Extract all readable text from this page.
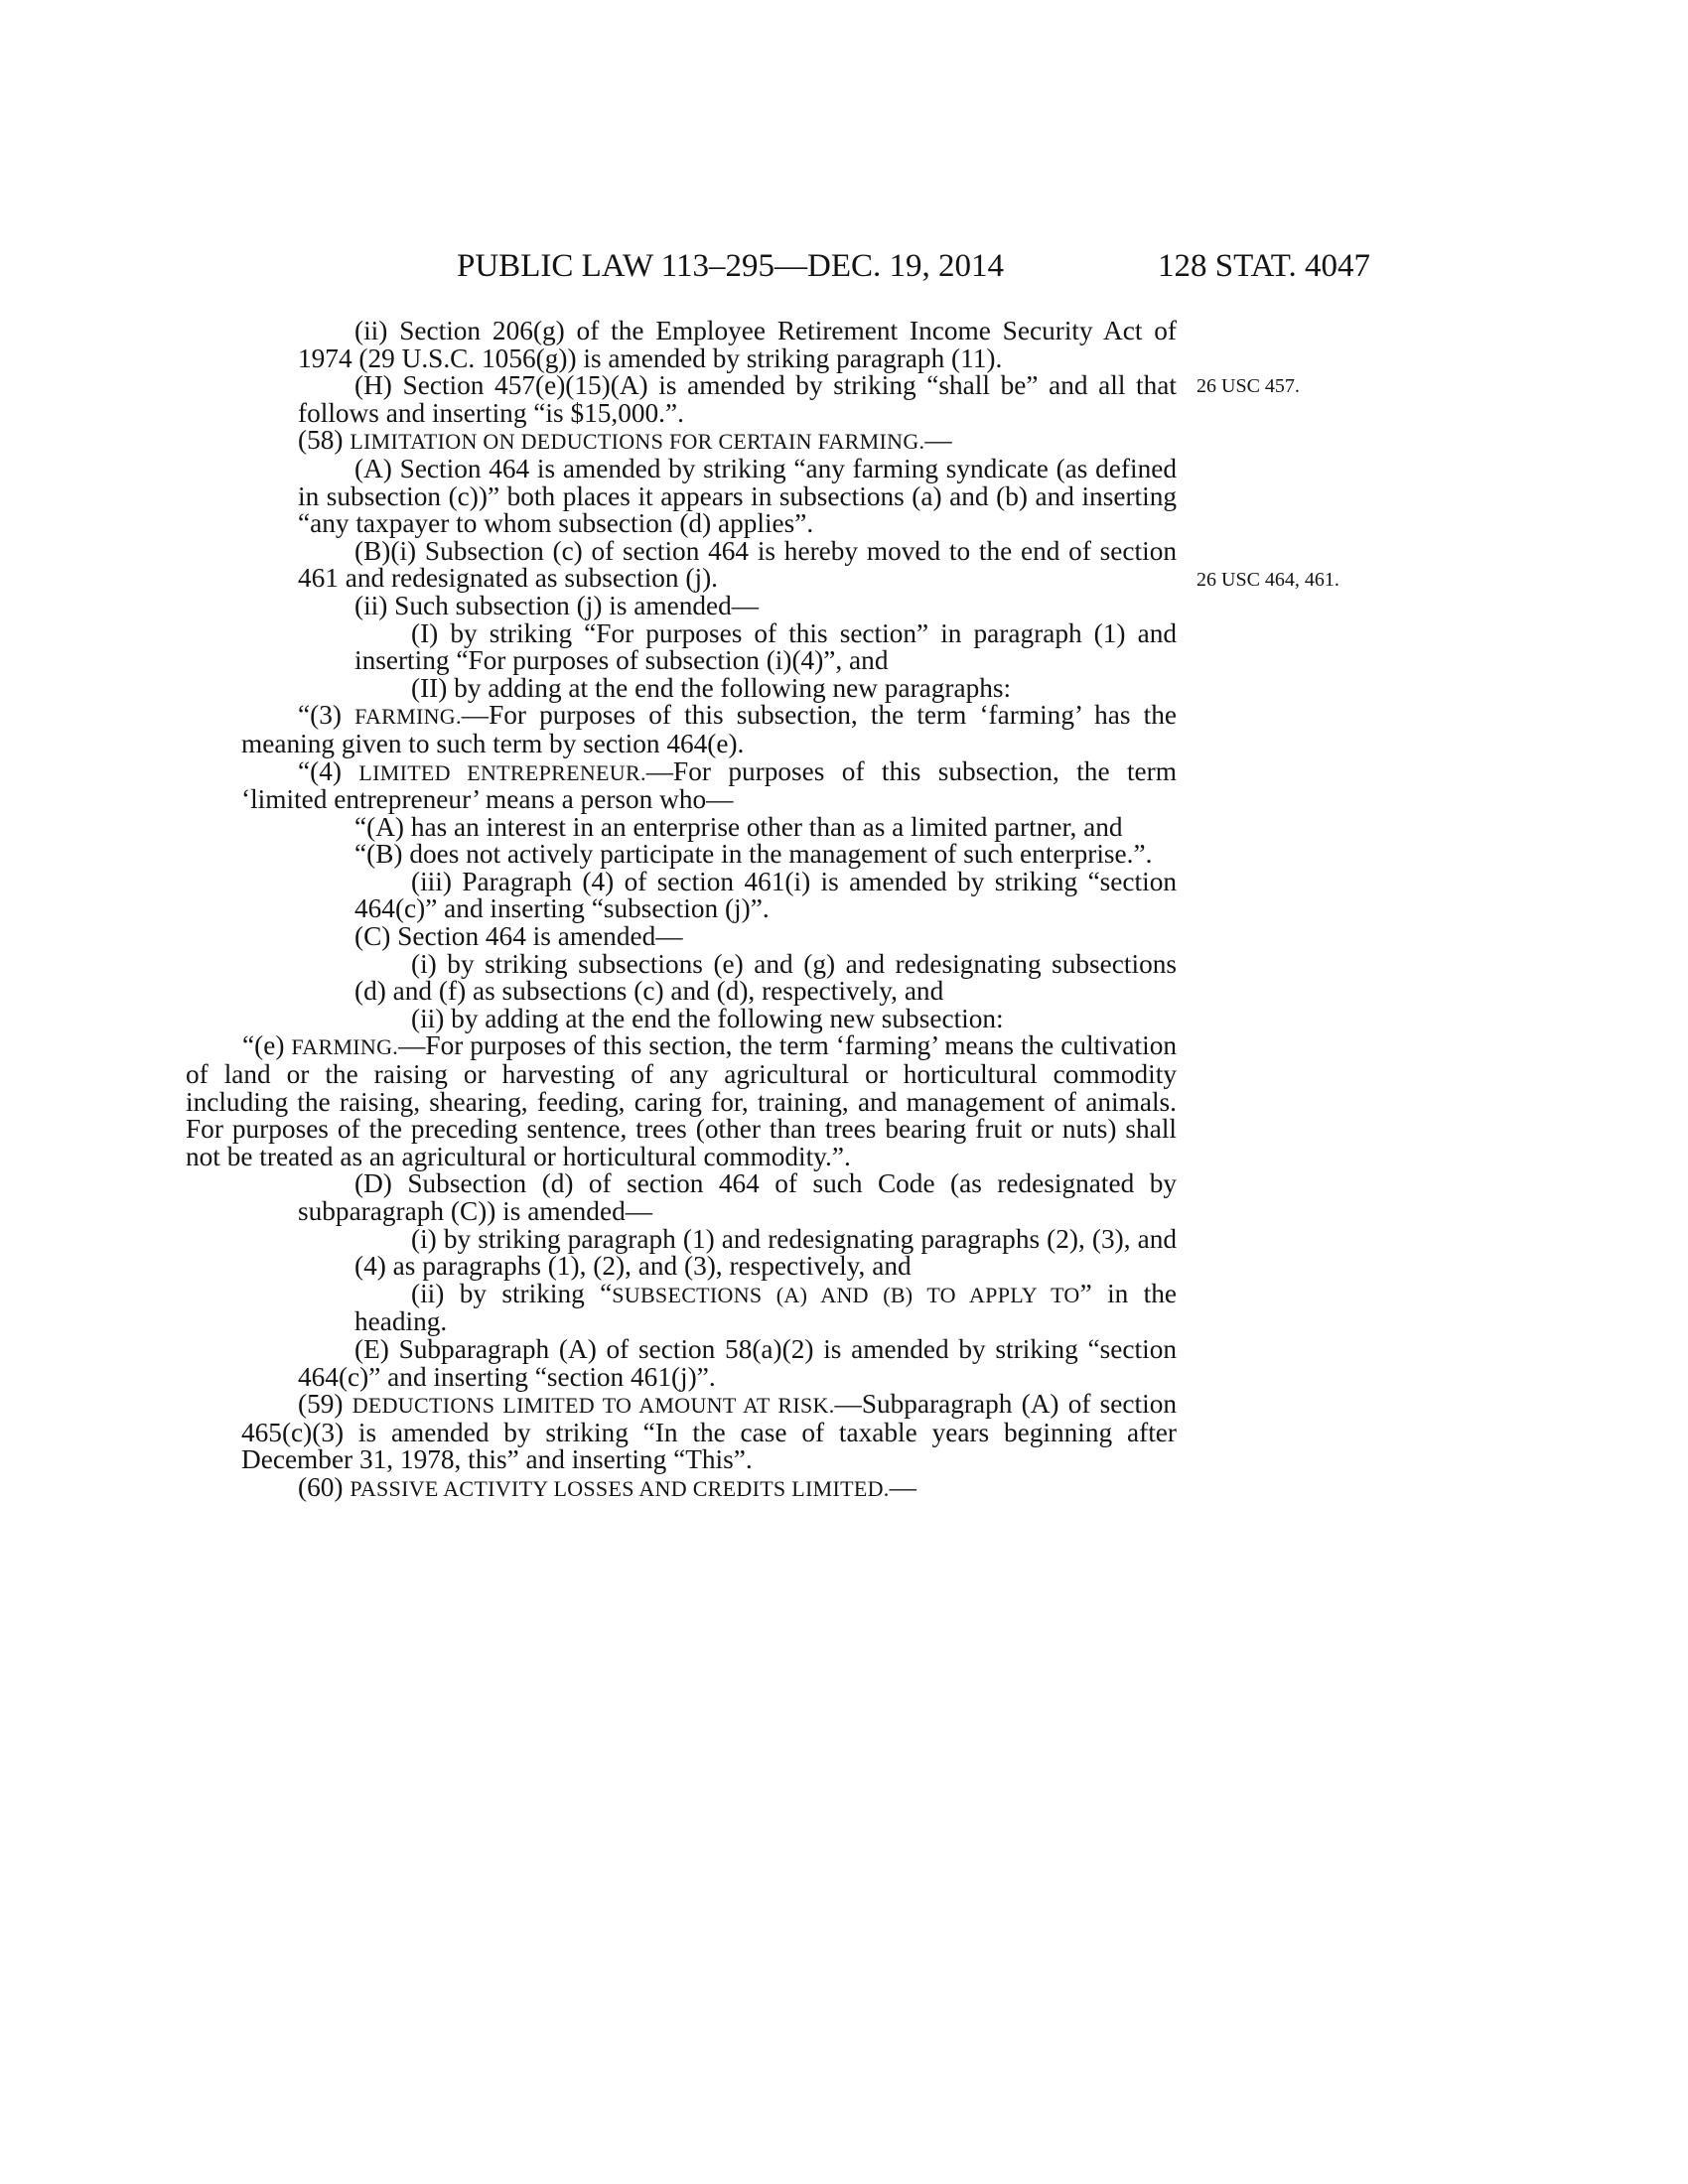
PUBLIC LAW 113–295—DEC. 19, 2014	128 STAT. 4047

(ii) Section 206(g) of the Employee Retirement Income Security Act of 1974 (29 U.S.C. 1056(g)) is amended by striking paragraph (11).

(H) Section 457(e)(15)(A) is amended by striking “shall be” and all that follows and inserting “is $15,000.”.
26 USC 457.

(58) LIMITATION ON DEDUCTIONS FOR CERTAIN FARMING.—

(A) Section 464 is amended by striking “any farming syndicate (as defined in subsection (c))” both places it appears in subsections (a) and (b) and inserting “any taxpayer to whom subsection (d) applies”.

(B)(i) Subsection (c) of section 464 is hereby moved to the end of section 461 and redesignated as subsection (j).	26 USC 464, 461.

(ii) Such subsection (j) is amended—

(I) by striking “For purposes of this section” in paragraph (1) and inserting “For purposes of subsection (i)(4)”, and

(II) by adding at the end the following new paragraphs:

“(3) FARMING.—For purposes of this subsection, the term ‘farming’ has the meaning given to such term by section 464(e).

“(4) LIMITED ENTREPRENEUR.—For purposes of this subsection, the term ‘limited entrepreneur’ means a person who—

“(A) has an interest in an enterprise other than as a limited partner, and

“(B) does not actively participate in the management of such enterprise.”.

(iii) Paragraph (4) of section 461(i) is amended by striking “section 464(c)” and inserting “subsection (j)”.

(C) Section 464 is amended—

(i) by striking subsections (e) and (g) and redesignating subsections (d) and (f) as subsections (c) and (d), respectively, and

(ii) by adding at the end the following new subsection:

“(e) FARMING.—For purposes of this section, the term ‘farming’ means the cultivation of land or the raising or harvesting of any agricultural or horticultural commodity including the raising, shearing, feeding, caring for, training, and management of animals. For purposes of the preceding sentence, trees (other than trees bearing fruit or nuts) shall not be treated as an agricultural or horticultural commodity.”.

(D) Subsection (d) of section 464 of such Code (as redesignated by subparagraph (C)) is amended—

(i) by striking paragraph (1) and redesignating paragraphs (2), (3), and (4) as paragraphs (1), (2), and (3), respectively, and

(ii) by striking “SUBSECTIONS (A) AND (B) TO APPLY TO” in the heading.

(E) Subparagraph (A) of section 58(a)(2) is amended by striking “section 464(c)” and inserting “section 461(j)”.

(59) DEDUCTIONS LIMITED TO AMOUNT AT RISK.—Subparagraph (A) of section 465(c)(3) is amended by striking “In the case of taxable years beginning after December 31, 1978, this” and inserting “This”.

(60) PASSIVE ACTIVITY LOSSES AND CREDITS LIMITED.—
